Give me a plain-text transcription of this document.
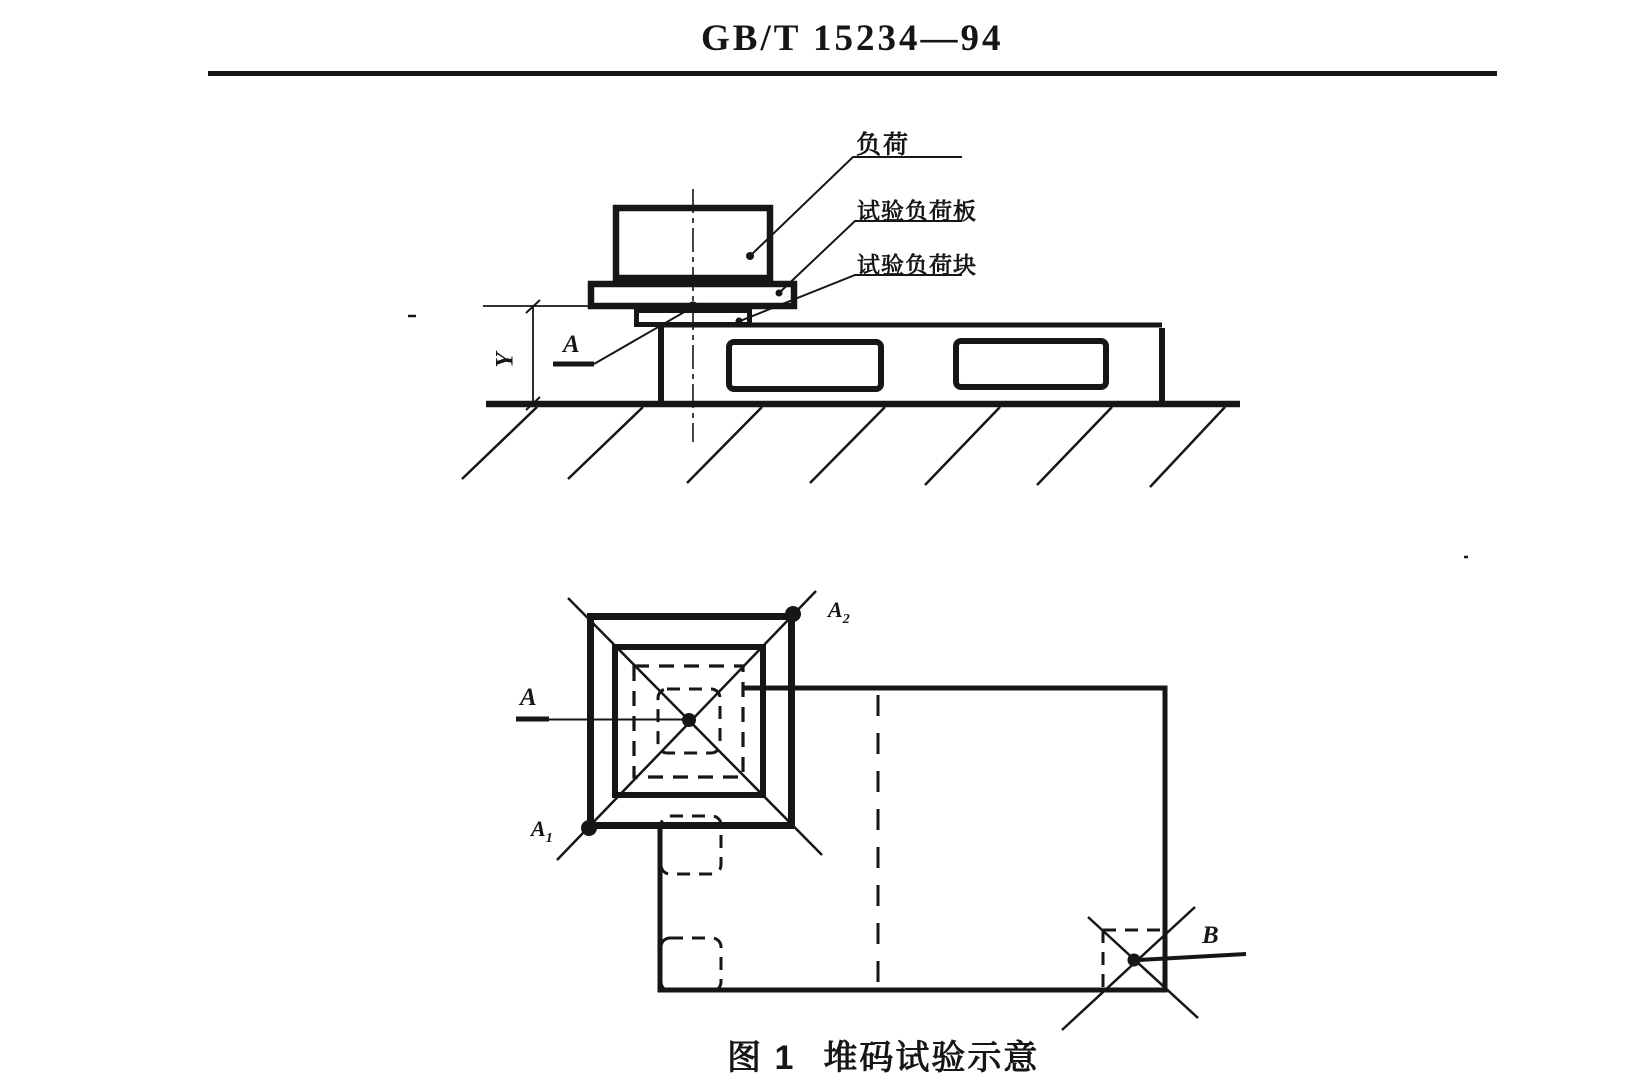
GB/T 15234—94
负荷
试验负荷板
试验负荷块
A
Y
A
$A_1$
$A_2$
B
图 1 堆码试验示意
